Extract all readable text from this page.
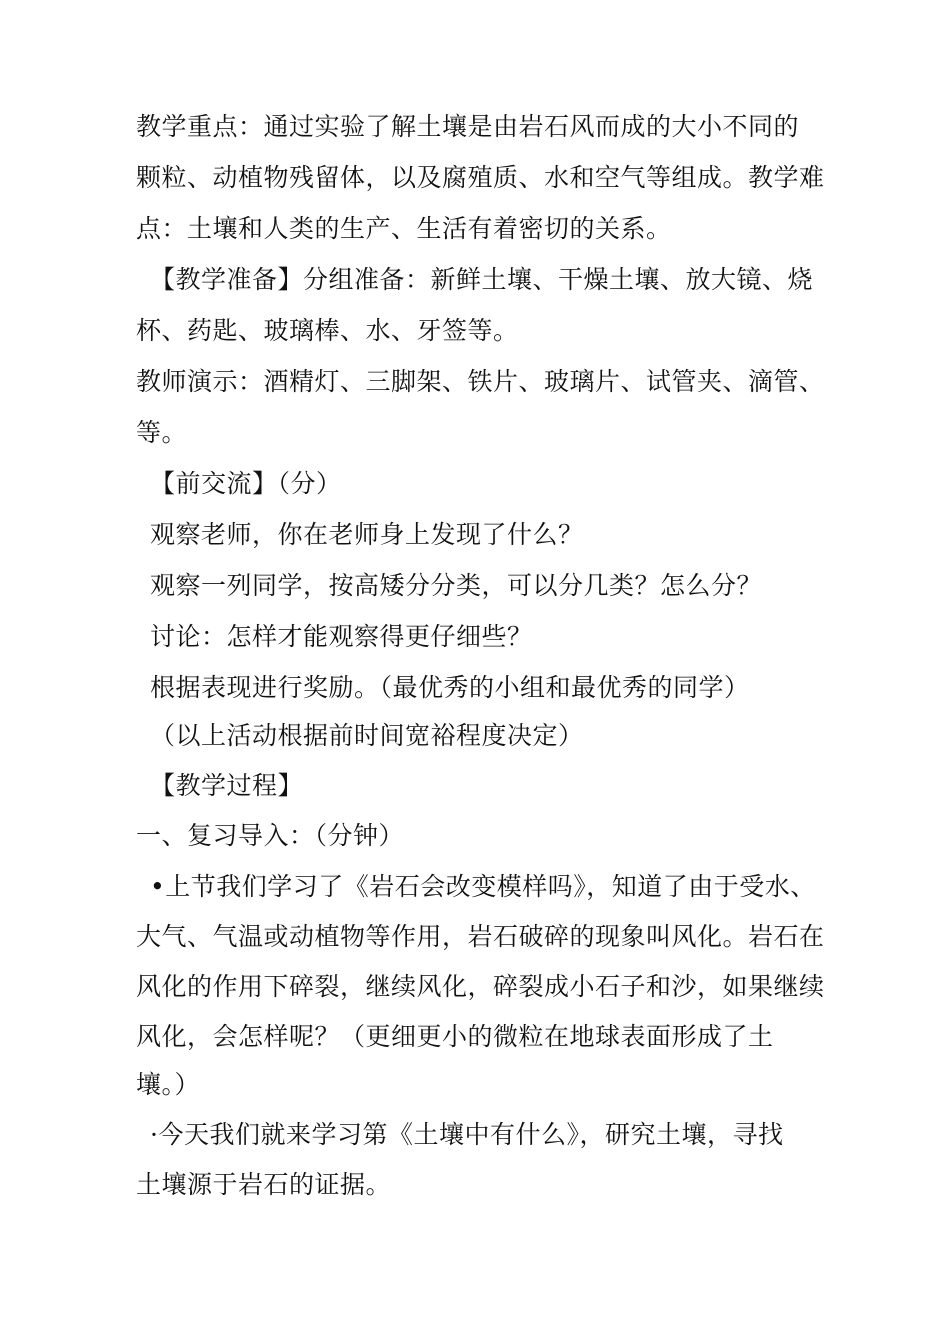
教学重点：通过实验了解土壤是由岩石风而成的大小不同的
颗粒、动植物残留体，以及腐殖质、水和空气等组成。教学难
点：土壤和人类的生产、生活有着密切的关系。
【教学准备】分组准备：新鲜土壤、干燥土壤、放大镜、烧
杯、药匙、玻璃棒、水、牙签等。
教师演示：酒精灯、三脚架、铁片、玻璃片、试管夹、滴管、
等。
【前交流】（分）
观察老师，你在老师身上发现了什么？
观察一列同学，按高矮分分类，可以分几类？怎么分？
讨论：怎样才能观察得更仔细些？
根据表现进行奖励。（最优秀的小组和最优秀的同学）
（以上活动根据前时间宽裕程度决定）
【教学过程】
一、复习导入：（分钟）
•上节我们学习了《岩石会改变模样吗》，知道了由于受水、
大气、气温或动植物等作用，岩石破碎的现象叫风化。岩石在
风化的作用下碎裂，继续风化，碎裂成小石子和沙，如果继续
风化，会怎样呢？（更细更小的微粒在地球表面形成了土
壤。）
·今天我们就来学习第《土壤中有什么》，研究土壤，寻找
土壤源于岩石的证据。
